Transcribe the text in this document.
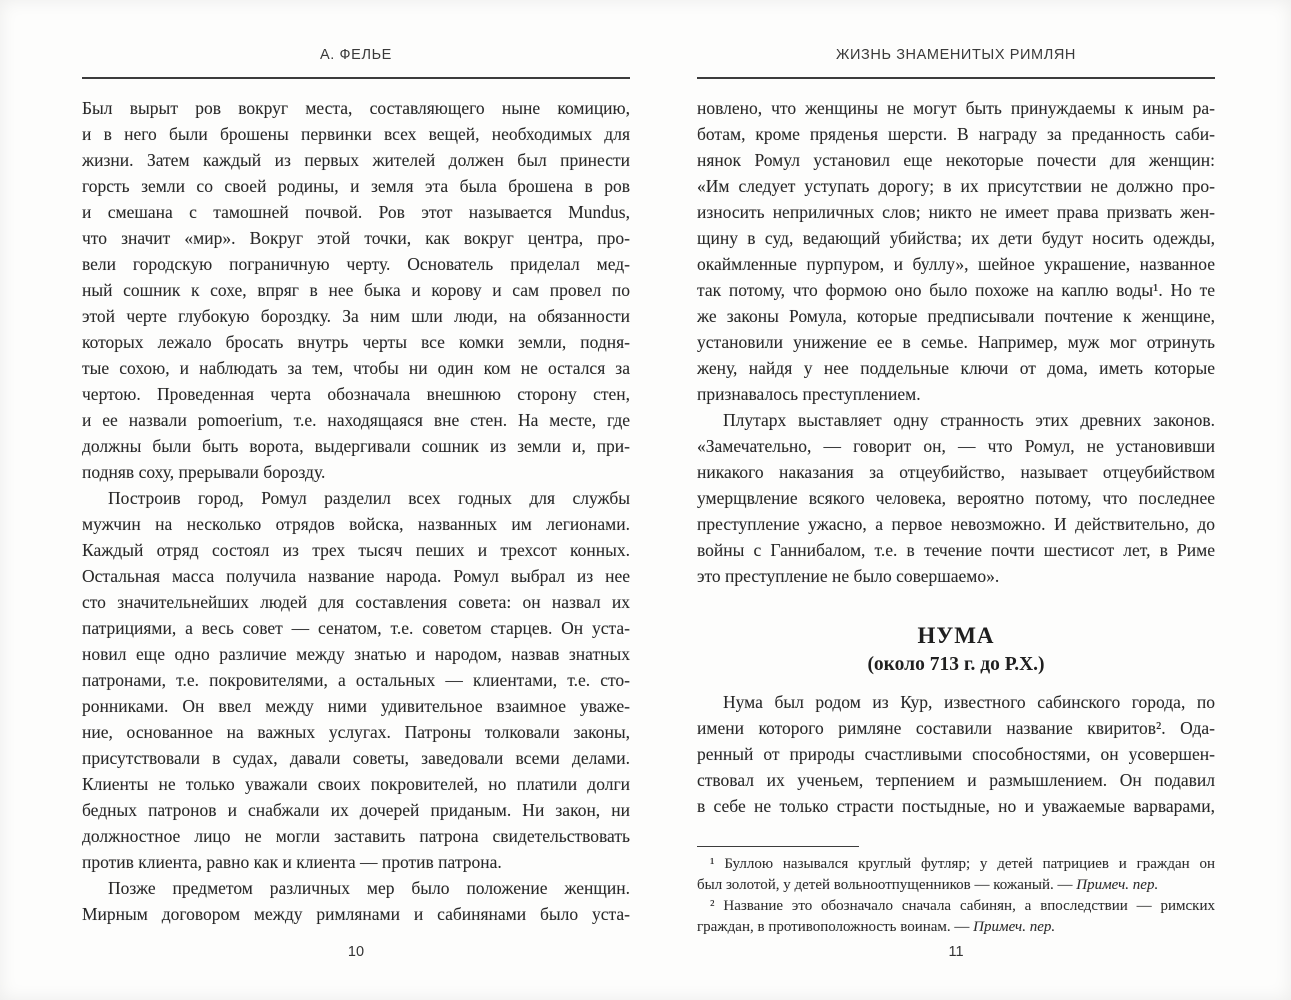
А. ФЕЛЬЕ
Был вырыт ров вокруг места, составляющего ныне комицию,
и в него были брошены первинки всех вещей, необходимых для
жизни. Затем каждый из первых жителей должен был принести
горсть земли со своей родины, и земля эта была брошена в ров
и смешана с тамошней почвой. Ров этот называется Mundus,
что значит «мир». Вокруг этой точки, как вокруг центра, про-
вели городскую пограничную черту. Основатель приделал мед-
ный сошник к сохе, впряг в нее быка и корову и сам провел по
этой черте глубокую бороздку. За ним шли люди, на обязанности
которых лежало бросать внутрь черты все комки земли, подня-
тые сохою, и наблюдать за тем, чтобы ни один ком не остался за
чертою. Проведенная черта обозначала внешнюю сторону стен,
и ее назвали pomoerium, т.е. находящаяся вне стен. На месте, где
должны были быть ворота, выдергивали сошник из земли и, при-
подняв соху, прерывали борозду.
Построив город, Ромул разделил всех годных для службы
мужчин на несколько отрядов войска, названных им легионами.
Каждый отряд состоял из трех тысяч пеших и трехсот конных.
Остальная масса получила название народа. Ромул выбрал из нее
сто значительнейших людей для составления совета: он назвал их
патрициями, а весь совет — сенатом, т.е. советом старцев. Он уста-
новил еще одно различие между знатью и народом, назвав знатных
патронами, т.е. покровителями, а остальных — клиентами, т.е. сто-
ронниками. Он ввел между ними удивительное взаимное уваже-
ние, основанное на важных услугах. Патроны толковали законы,
присутствовали в судах, давали советы, заведовали всеми делами.
Клиенты не только уважали своих покровителей, но платили долги
бедных патронов и снабжали их дочерей приданым. Ни закон, ни
должностное лицо не могли заставить патрона свидетельствовать
против клиента, равно как и клиента — против патрона.
Позже предметом различных мер было положение женщин.
Мирным договором между римлянами и сабинянами было уста-
10
ЖИЗНЬ ЗНАМЕНИТЫХ РИМЛЯН
новлено, что женщины не могут быть принуждаемы к иным ра-
ботам, кроме пряденья шерсти. В награду за преданность саби-
нянок Ромул установил еще некоторые почести для женщин:
«Им следует уступать дорогу; в их присутствии не должно про-
износить неприличных слов; никто не имеет права призвать жен-
щину в суд, ведающий убийства; их дети будут носить одежды,
окаймленные пурпуром, и буллу», шейное украшение, названное
так потому, что формою оно было похоже на каплю воды¹. Но те
же законы Ромула, которые предписывали почтение к женщине,
установили унижение ее в семье. Например, муж мог отринуть
жену, найдя у нее поддельные ключи от дома, иметь которые
признавалось преступлением.
Плутарх выставляет одну странность этих древних законов.
«Замечательно, — говорит он, — что Ромул, не установивши
никакого наказания за отцеубийство, называет отцеубийством
умерщвление всякого человека, вероятно потому, что последнее
преступление ужасно, а первое невозможно. И действительно, до
войны с Ганнибалом, т.е. в течение почти шестисот лет, в Риме
это преступление не было совершаемо».
НУМА
(около 713 г. до Р.Х.)
Нума был родом из Кур, известного сабинского города, по
имени которого римляне составили название квиритов². Ода-
ренный от природы счастливыми способностями, он усовершен-
ствовал их ученьем, терпением и размышлением. Он подавил
в себе не только страсти постыдные, но и уважаемые варварами,
¹ Буллою назывался круглый футляр; у детей патрициев и граждан он
был золотой, у детей вольноотпущенников — кожаный. — Примеч. пер.
² Название это обозначало сначала сабинян, а впоследствии — римских
граждан, в противоположность воинам. — Примеч. пер.
11
